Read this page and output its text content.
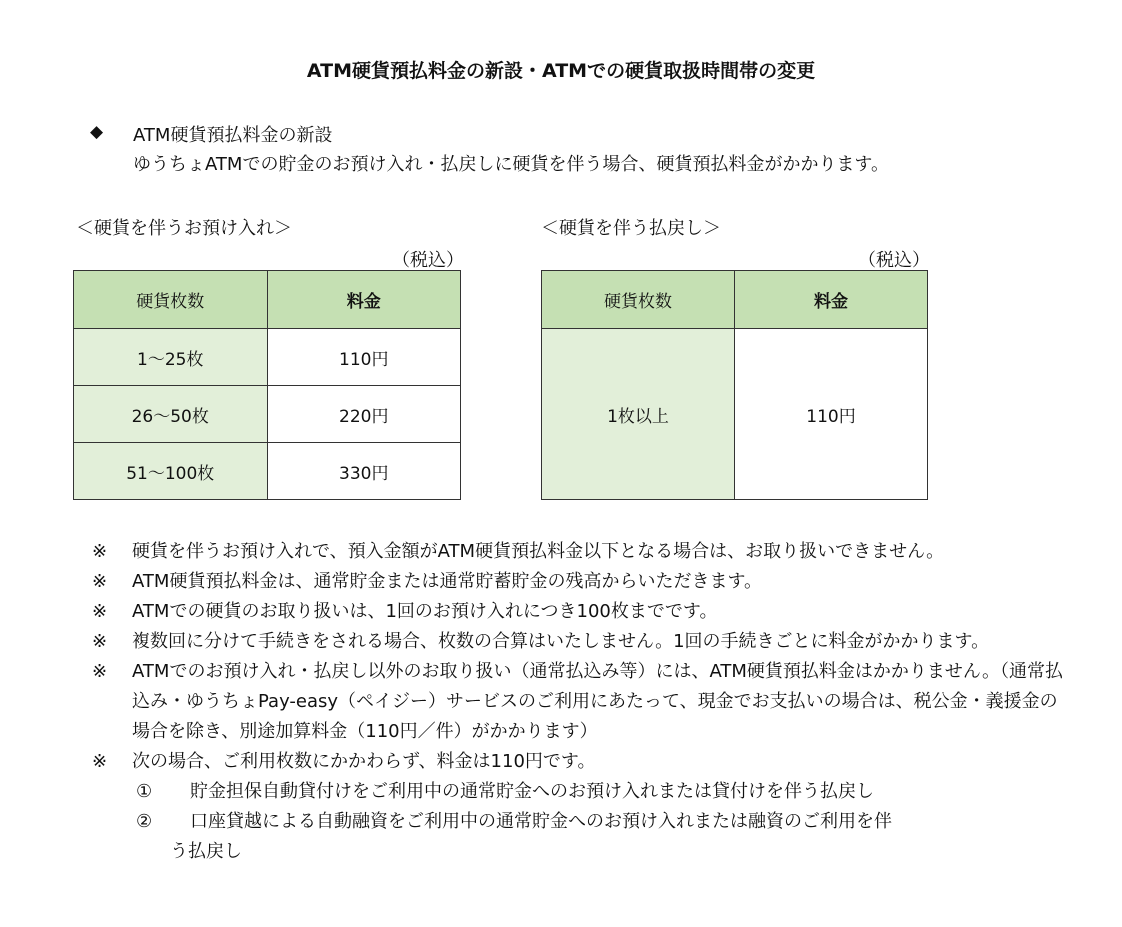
ATM硬貨預払料金の新設・ATMでの硬貨取扱時間帯の変更
◆ ATM硬貨預払料金の新設
ゆうちょATMでの貯金のお預け入れ・払戻しに硬貨を伴う場合、硬貨預払料金がかかります。
＜硬貨を伴うお預け入れ＞
（税込）
＜硬貨を伴う払戻し＞
（税込）
硬貨枚数	料金
1～25枚	110円
26～50枚	220円
51～100枚	330円
硬貨枚数	料金
1枚以上	110円
※ 硬貨を伴うお預け入れで、預入金額がATM硬貨預払料金以下となる場合は、お取り扱いできません。
※ ATM硬貨預払料金は、通常貯金または通常貯蓄貯金の残高からいただきます。
※ ATMでの硬貨のお取り扱いは、1回のお預け入れにつき100枚までです。
※ 複数回に分けて手続きをされる場合、枚数の合算はいたしません。1回の手続きごとに料金がかかります。
※ ATMでのお預け入れ・払戻し以外のお取り扱い（通常払込み等）には、ATM硬貨預払料金はかかりません。（通常払込み・ゆうちょPay-easy（ペイジー）サービスのご利用にあたって、現金でお支払いの場合は、税公金・義援金の場合を除き、別途加算料金（110円／件）がかかります）
※ 次の場合、ご利用枚数にかかわらず、料金は110円です。
① 貯金担保自動貸付けをご利用中の通常貯金へのお預け入れまたは貸付けを伴う払戻し
② 口座貸越による自動融資をご利用中の通常貯金へのお預け入れまたは融資のご利用を伴
う払戻し
